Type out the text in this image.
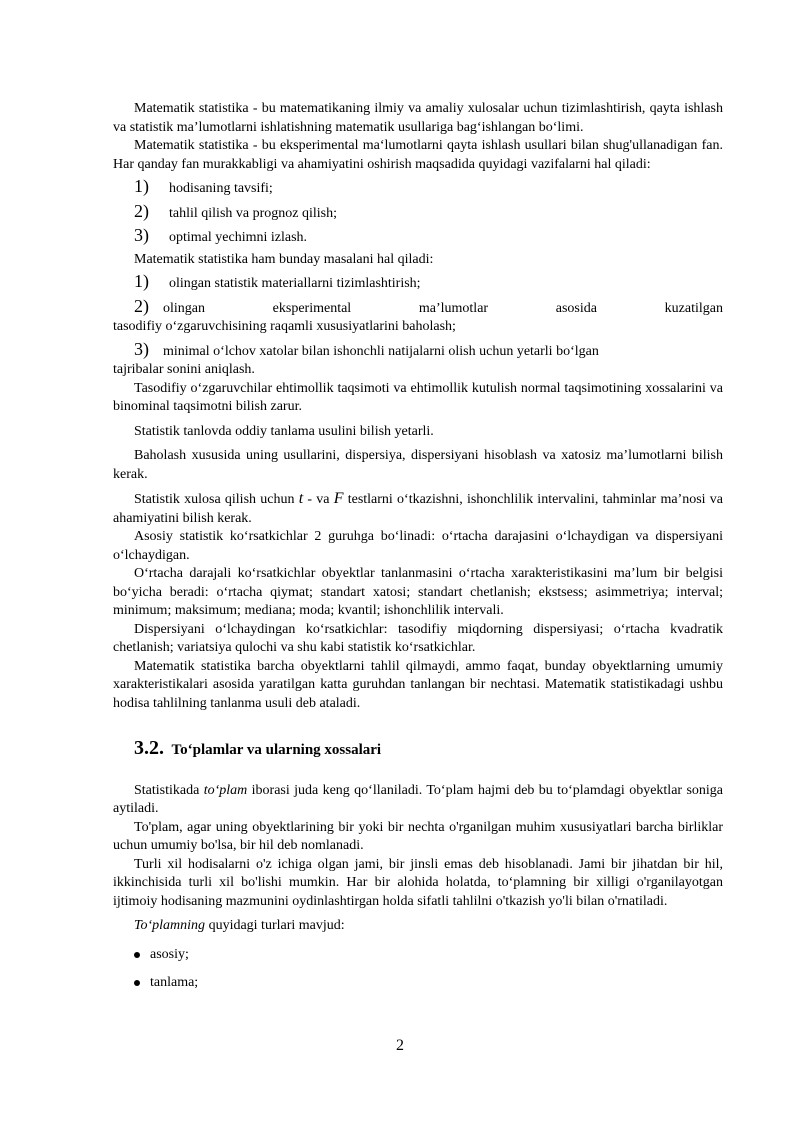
Matematik statistika - bu matematikaning ilmiy va amaliy xulosalar uchun tizimlashtirish, qayta ishlash va statistik ma’lumotlarni ishlatishning matematik usullariga bag‘ishlangan bo‘limi.

Matematik statistika - bu eksperimental ma‘lumotlarni qayta ishlash usullari bilan shug'ullanadigan fan. Har qanday fan murakkabligi va ahamiyatini oshirish maqsadida quyidagi vazifalarni hal qiladi:

1)	hodisaning tavsifi;
2)	tahlil qilish va prognoz qilish;
3)	optimal yechimni izlash.

Matematik statistika ham bunday masalani hal qiladi:

1)	olingan statistik materiallarni tizimlashtirish;
2) olingan	eksperimental	ma’lumotlar	asosida	kuzatilgan

tasodifiy o‘zgaruvchisining raqamli xususiyatlarini baholash;

3) minimal o‘lchov xatolar bilan ishonchli natijalarni olish uchun yetarli bo‘lgan

tajribalar sonini aniqlash.

Tasodifiy o‘zgaruvchilar ehtimollik taqsimoti va ehtimollik kutulish normal taqsimotining xossalarini va binominal taqsimotni bilish zarur.

Statistik tanlovda oddiy tanlama usulini bilish yetarli.

Baholash xususida uning usullarini, dispersiya, dispersiyani hisoblash va xatosiz ma’lumotlarni bilish kerak.

Statistik xulosa qilish uchun t - va F testlarni o‘tkazishni, ishonchlilik intervalini, tahminlar ma’nosi va ahamiyatini bilish kerak.

Asosiy statistik ko‘rsatkichlar 2 guruhga bo‘linadi: o‘rtacha darajasini o‘lchaydigan va dispersiyani o‘lchaydigan.

O‘rtacha darajali ko‘rsatkichlar obyektlar tanlanmasini o‘rtacha xarakteristikasini ma’lum bir belgisi bo‘yicha beradi: o‘rtacha qiymat; standart xatosi; standart chetlanish; ekstsess; asimmetriya; interval; minimum; maksimum; mediana; moda; kvantil; ishonchlilik intervali.

Dispersiyani o‘lchaydingan ko‘rsatkichlar: tasodifiy miqdorning dispersiyasi; o‘rtacha kvadratik chetlanish; variatsiya qulochi va shu kabi statistik ko‘rsatkichlar.

Matematik statistika barcha obyektlarni tahlil qilmaydi, ammo faqat, bunday obyektlarning umumiy xarakteristikalari asosida yaratilgan katta guruhdan tanlangan bir nechtasi. Matematik statistikadagi ushbu hodisa tahlilning tanlanma usuli deb ataladi.

3.2. To‘plamlar va ularning xossalari

Statistikada to‘plam iborasi juda keng qo‘llaniladi. To‘plam hajmi deb bu to‘plamdagi obyektlar soniga aytiladi.

To'plam, agar uning obyektlarining bir yoki bir nechta o'rganilgan muhim xususiyatlari barcha birliklar uchun umumiy bo'lsa, bir hil deb nomlanadi.

Turli xil hodisalarni o'z ichiga olgan jami, bir jinsli emas deb hisoblanadi. Jami bir jihatdan bir hil, ikkinchisida turli xil bo'lishi mumkin. Har bir alohida holatda, to‘plamning bir xilligi o'rganilayotgan ijtimoiy hodisaning mazmunini oydinlashtirgan holda sifatli tahlilni o'tkazish yo'li bilan o'rnatiladi.

To‘plamning quyidagi turlari mavjud:

asosiy;
tanlama;
2
